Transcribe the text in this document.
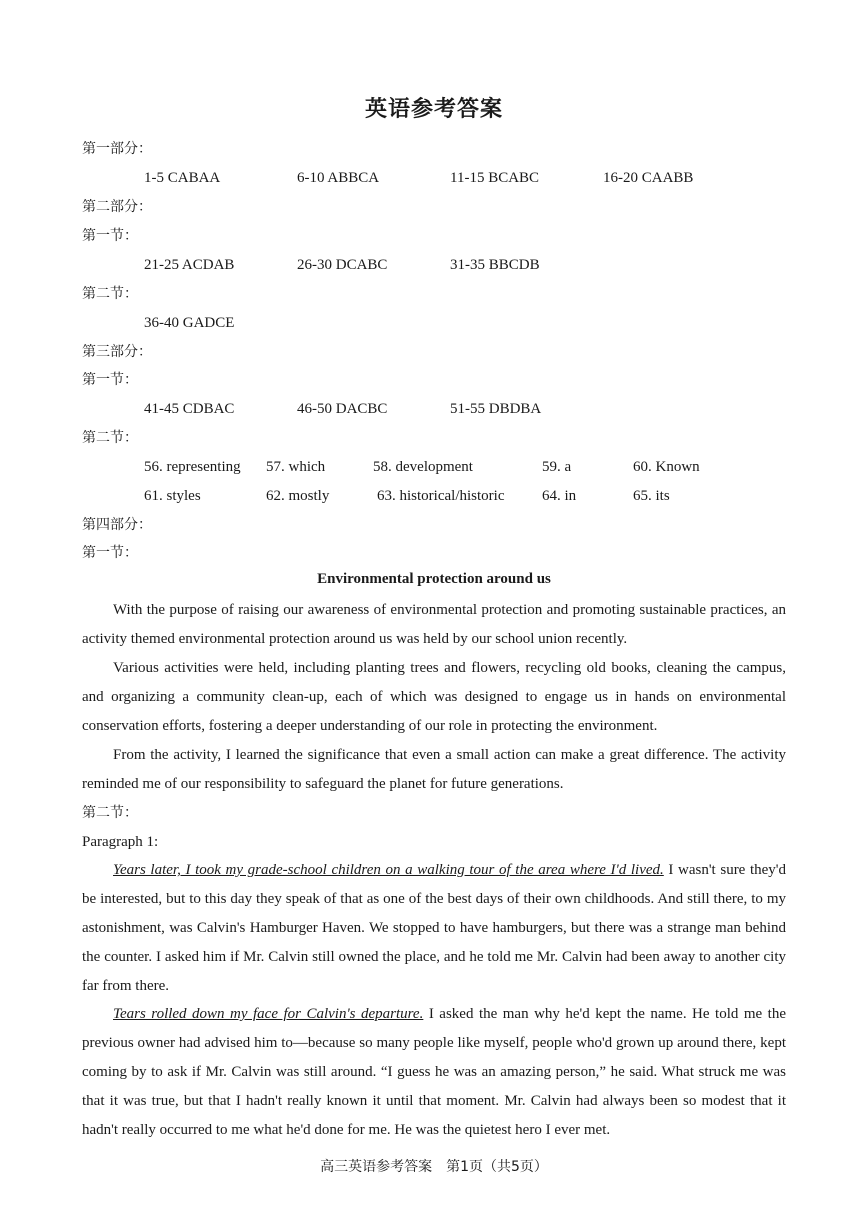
英语参考答案
第一部分：
1-5 CABAA	6-10 ABBCA	11-15 BCABC	16-20 CAABB
第二部分：
第一节：
21-25 ACDAB	26-30 DCABC	31-35 BBCDB
第二节：
36-40 GADCE
第三部分：
第一节：
41-45 CDBAC	46-50 DACBC	51-55 DBDBA
第二节：
56. representing 57. which	58. development	59. a	60. Known
61. styles	62. mostly	63. historical/historic	64. in	65. its
第四部分：
第一节：
Environmental protection around us
With the purpose of raising our awareness of environmental protection and promoting sustainable practices, an activity themed environmental protection around us was held by our school union recently.
Various activities were held, including planting trees and flowers, recycling old books, cleaning the campus, and organizing a community clean-up, each of which was designed to engage us in hands on environmental conservation efforts, fostering a deeper understanding of our role in protecting the environment.
From the activity, I learned the significance that even a small action can make a great difference. The activity reminded me of our responsibility to safeguard the planet for future generations.
第二节：
Paragraph 1:
Years later, I took my grade-school children on a walking tour of the area where I'd lived. I wasn't sure they'd be interested, but to this day they speak of that as one of the best days of their own childhoods. And still there, to my astonishment, was Calvin's Hamburger Haven. We stopped to have hamburgers, but there was a strange man behind the counter. I asked him if Mr. Calvin still owned the place, and he told me Mr. Calvin had been away to another city far from there.
Tears rolled down my face for Calvin's departure. I asked the man why he'd kept the name. He told me the previous owner had advised him to—because so many people like myself, people who'd grown up around there, kept coming by to ask if Mr. Calvin was still around. “I guess he was an amazing person,” he said. What struck me was that it was true, but that I hadn't really known it until that moment. Mr. Calvin had always been so modest that it hadn't really occurred to me what he'd done for me. He was the quietest hero I ever met.
高三英语参考答案　第1页（共5页）
